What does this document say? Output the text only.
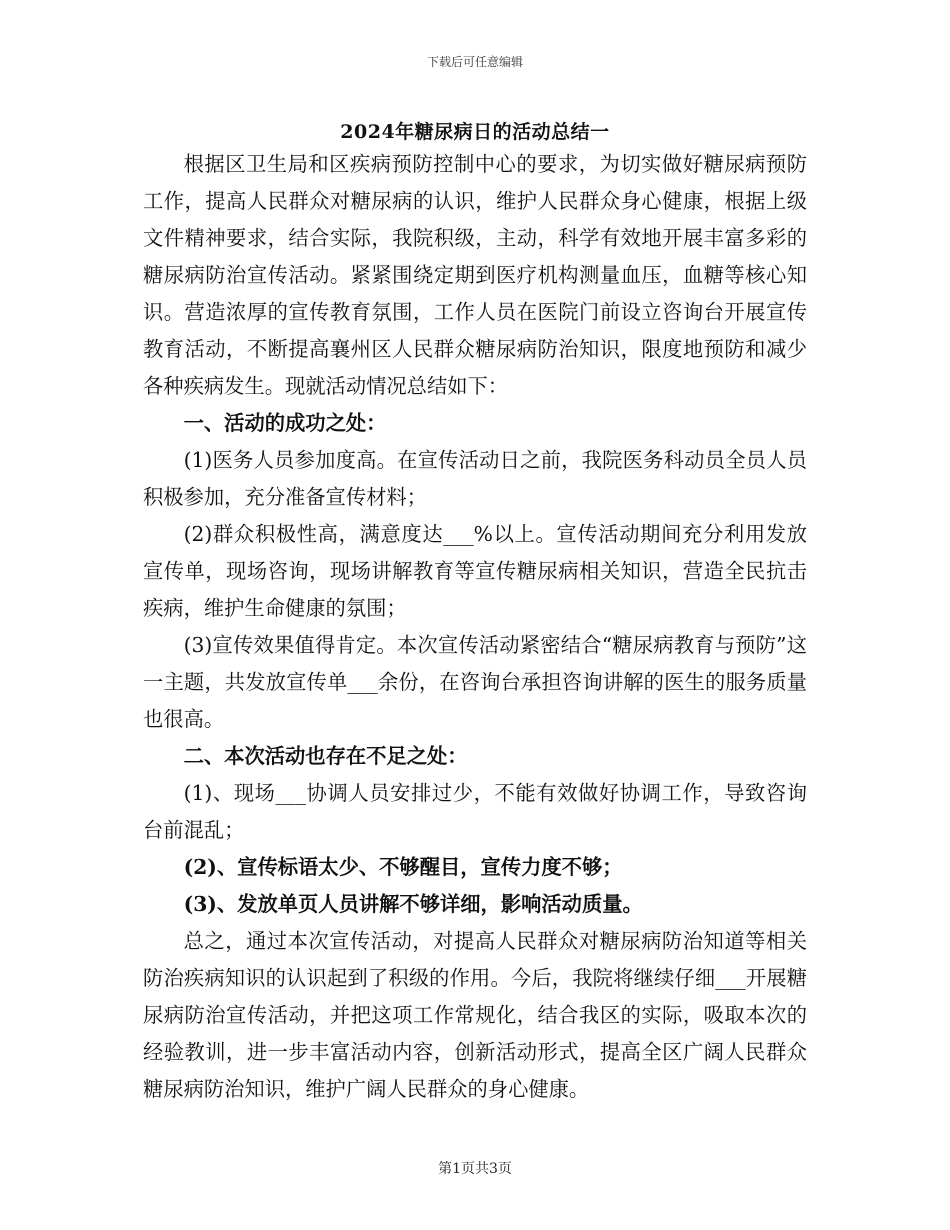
下载后可任意编辑
2024年糖尿病日的活动总结一

根据区卫生局和区疾病预防控制中心的要求，为切实做好糖尿病预防工作，提高人民群众对糖尿病的认识，维护人民群众身心健康，根据上级文件精神要求，结合实际，我院积级，主动，科学有效地开展丰富多彩的糖尿病防治宣传活动。紧紧围绕定期到医疗机构测量血压，血糖等核心知识。营造浓厚的宣传教育氛围，工作人员在医院门前设立咨询台开展宣传教育活动，不断提高襄州区人民群众糖尿病防治知识，限度地预防和减少各种疾病发生。现就活动情况总结如下：

一、活动的成功之处：

(1)医务人员参加度高。在宣传活动日之前，我院医务科动员全员人员积极参加，充分准备宣传材料；

(2)群众积极性高，满意度达___%以上。宣传活动期间充分利用发放宣传单，现场咨询，现场讲解教育等宣传糖尿病相关知识，营造全民抗击疾病，维护生命健康的氛围；

(3)宣传效果值得肯定。本次宣传活动紧密结合“糖尿病教育与预防”这一主题，共发放宣传单___余份，在咨询台承担咨询讲解的医生的服务质量也很高。

二、本次活动也存在不足之处：

(1)、现场___协调人员安排过少，不能有效做好协调工作，导致咨询台前混乱；

(2)、宣传标语太少、不够醒目，宣传力度不够；

(3)、发放单页人员讲解不够详细，影响活动质量。

总之，通过本次宣传活动，对提高人民群众对糖尿病防治知道等相关防治疾病知识的认识起到了积级的作用。今后，我院将继续仔细___开展糖尿病防治宣传活动，并把这项工作常规化，结合我区的实际，吸取本次的经验教训，进一步丰富活动内容，创新活动形式，提高全区广阔人民群众糖尿病防治知识，维护广阔人民群众的身心健康。

第1页共3页
